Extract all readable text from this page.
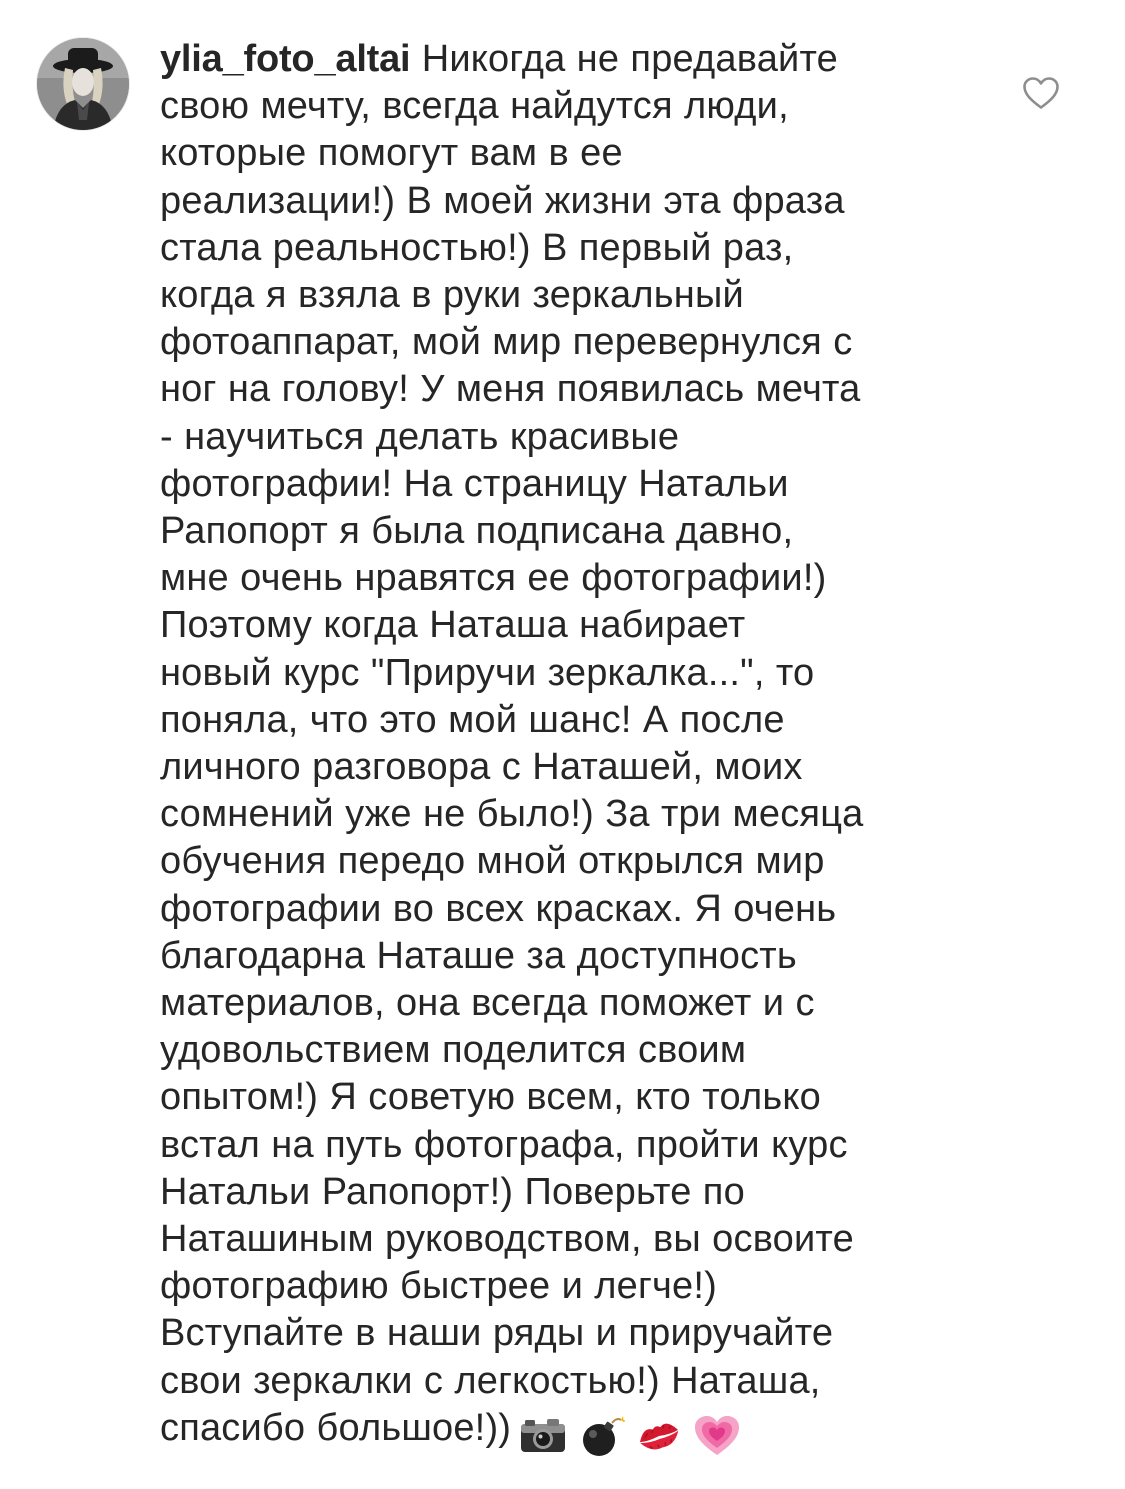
ylia_foto_altai Никогда не предавайте
свою мечту, всегда найдутся люди,
которые помогут вам в ее
реализации!) В моей жизни эта фраза
стала реальностью!) В первый раз,
когда я взяла в руки зеркальный
фотоаппарат, мой мир перевернулся с
ног на голову! У меня появилась мечта
- научиться делать красивые
фотографии! На страницу Натальи
Рапопорт я была подписана давно,
мне очень нравятся ее фотографии!)
Поэтому когда Наташа набирает
новый курс "Приручи зеркалка...", то
поняла, что это мой шанс! А после
личного разговора с Наташей, моих
сомнений уже не было!) За три месяца
обучения передо мной открылся мир
фотографии во всех красках. Я очень
благодарна Наташе за доступность
материалов, она всегда поможет и с
удовольствием поделится своим
опытом!) Я советую всем, кто только
встал на путь фотографа, пройти курс
Натальи Рапопорт!) Поверьте по
Наташиным руководством, вы освоите
фотографию быстрее и легче!)
Вступайте в наши ряды и приручайте
свои зеркалки с легкостью!) Наташа,
спасибо большое!))
